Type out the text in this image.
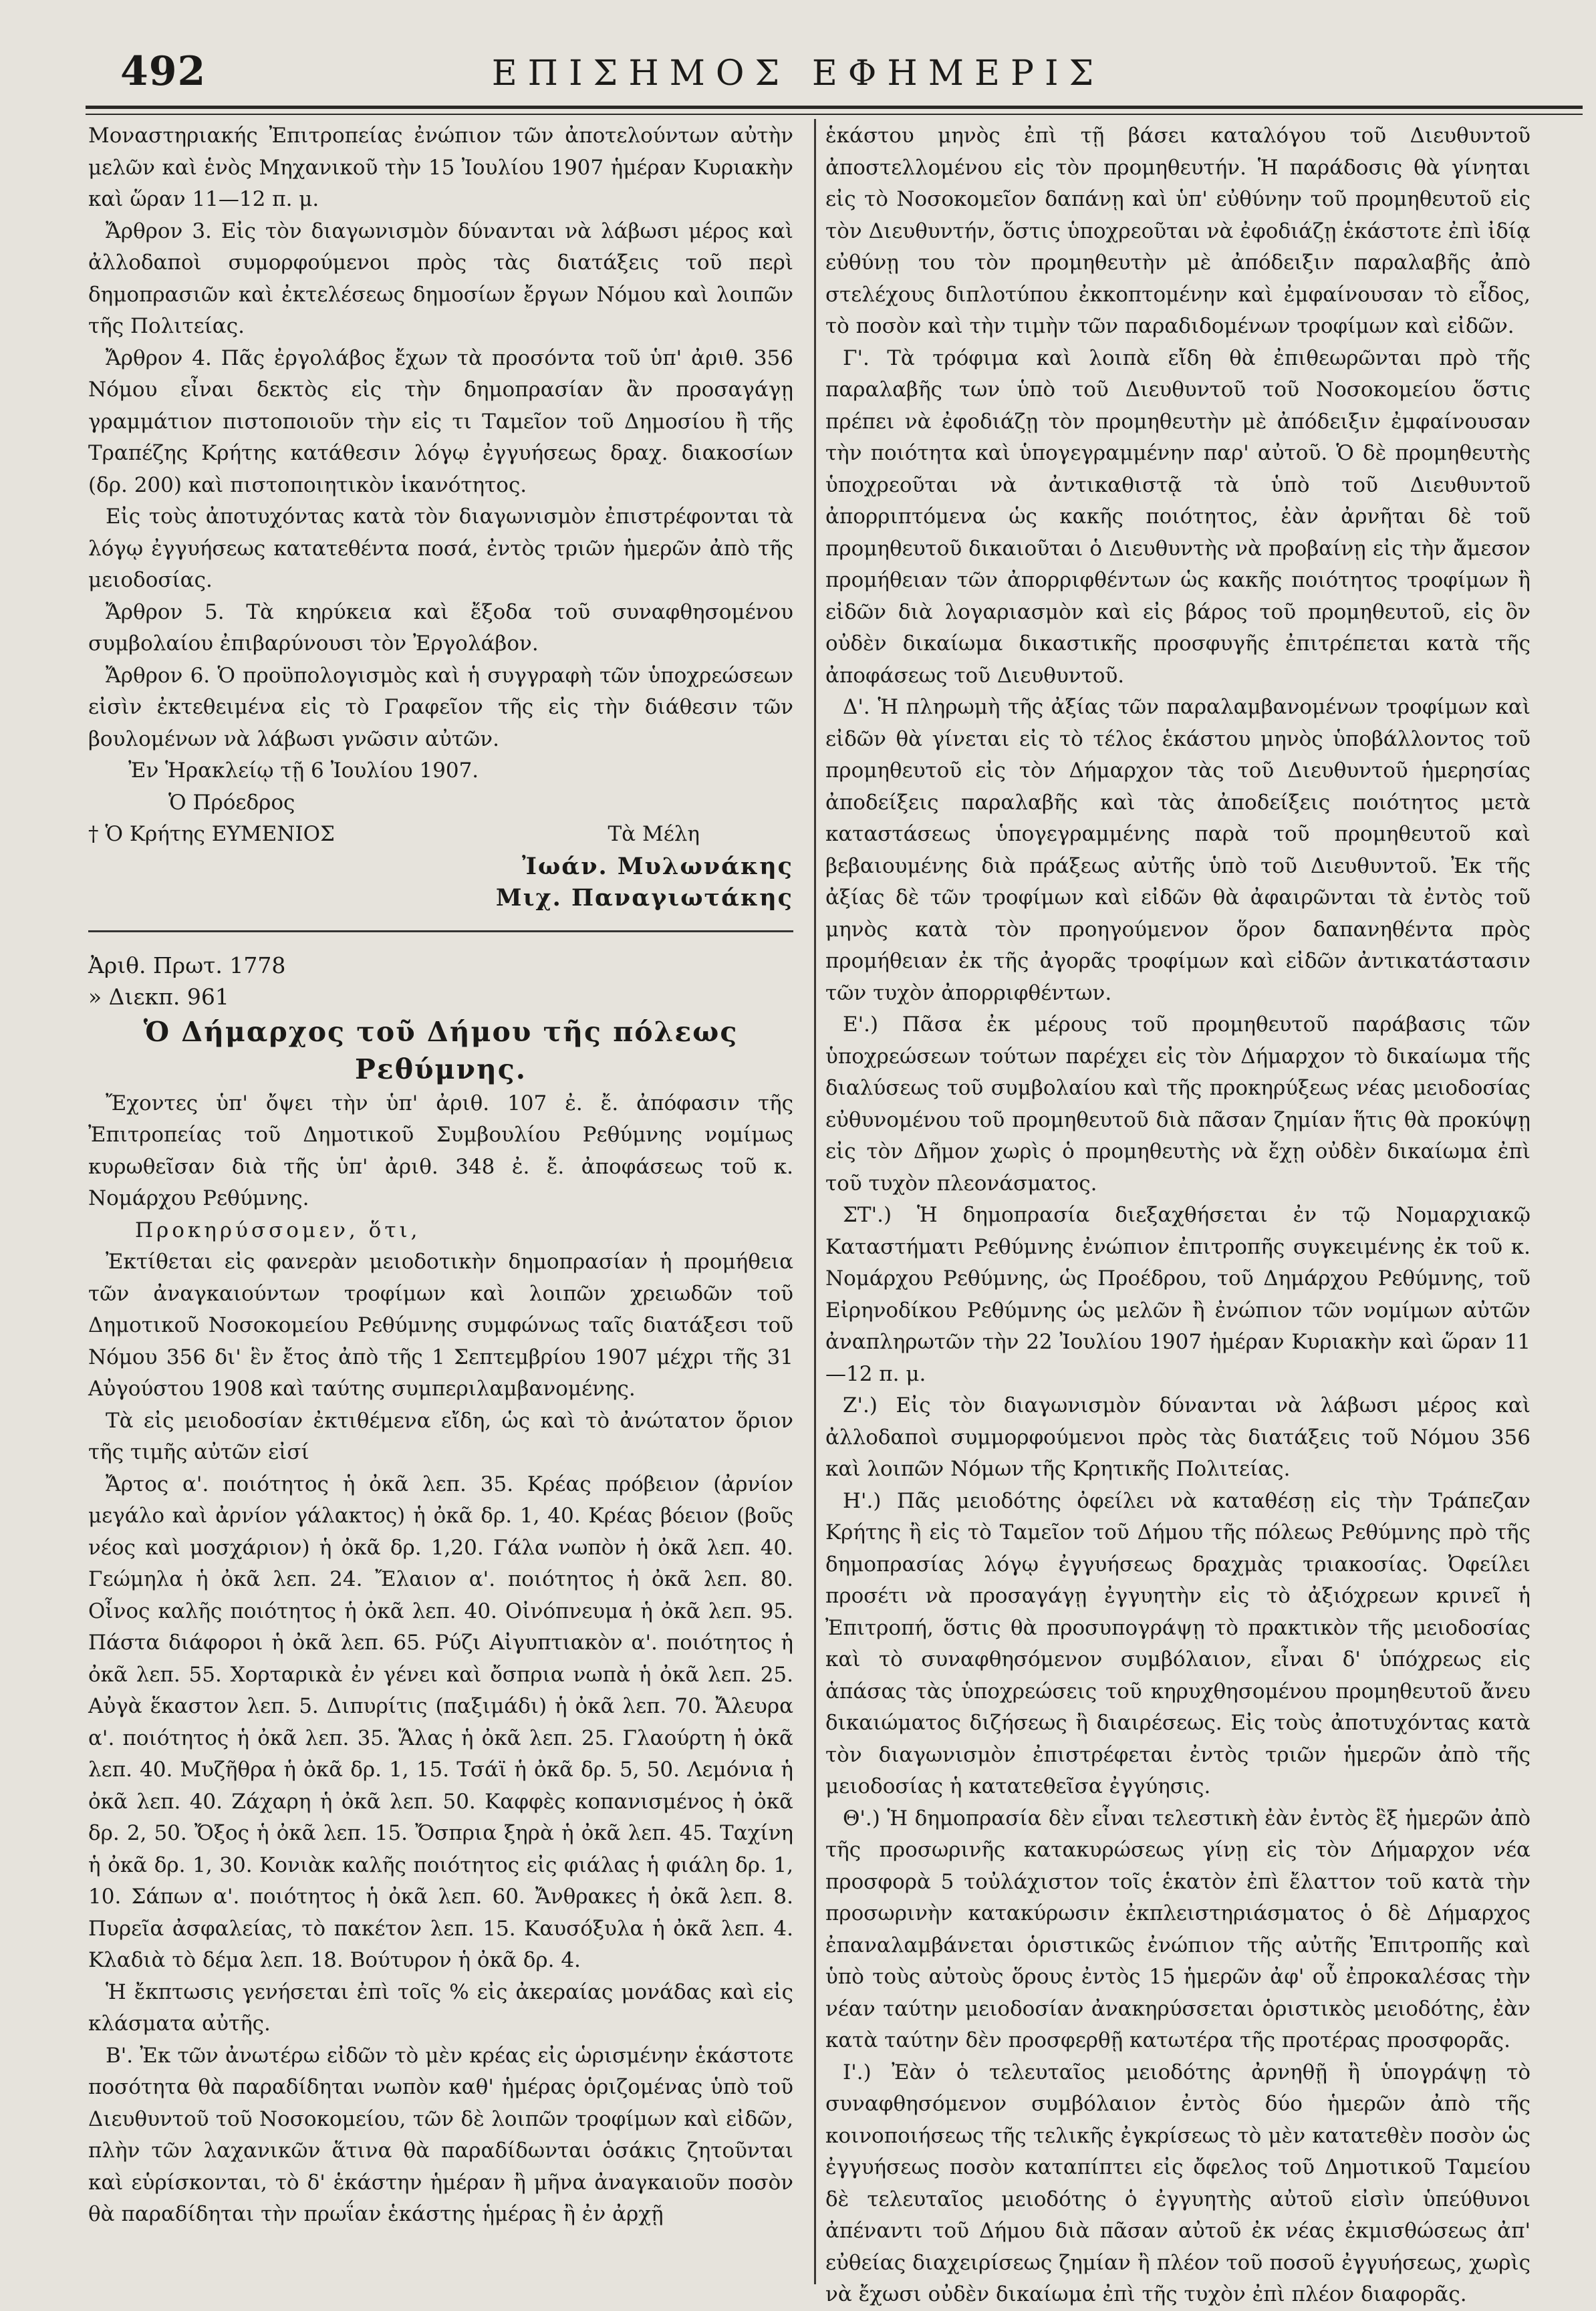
492	ΕΠΙΣΗΜΟΣ ΕΦΗΜΕΡΙΣ

Μοναστηριακής Ἐπιτροπείας ἐνώπιον τῶν ἀποτελούντων αὐτὴν μελῶν καὶ ἑνὸς Μηχανικοῦ τὴν 15 Ἰουλίου 1907 ἡμέραν Κυριακὴν καὶ ὥραν 11—12 π. μ.

Ἄρθρον 3. Εἰς τὸν διαγωνισμὸν δύνανται νὰ λάβωσι μέρος καὶ ἀλλοδαποὶ συμορφούμενοι πρὸς τὰς διατάξεις τοῦ περὶ δημοπρασιῶν καὶ ἐκτελέσεως δημοσίων ἔργων Νόμου καὶ λοιπῶν τῆς Πολιτείας.

Ἄρθρον 4. Πᾶς ἐργολάβος ἔχων τὰ προσόντα τοῦ ὑπ' ἀριθ. 356 Νόμου εἶναι δεκτὸς εἰς τὴν δημοπρασίαν ἂν προσαγάγῃ γραμμάτιον πιστοποιοῦν τὴν εἰς τι Ταμεῖον τοῦ Δημοσίου ἢ τῆς Τραπέζης Κρήτης κατάθεσιν λόγῳ ἐγγυήσεως δραχ. διακοσίων (δρ. 200) καὶ πιστοποιητικὸν ἱκανότητος.

Εἰς τοὺς ἀποτυχόντας κατὰ τὸν διαγωνισμὸν ἐπιστρέφονται τὰ λόγῳ ἐγγυήσεως κατατεθέντα ποσά, ἐντὸς τριῶν ἡμερῶν ἀπὸ τῆς μειοδοσίας.

Ἄρθρον 5. Τὰ κηρύκεια καὶ ἔξοδα τοῦ συναφθησομένου συμβολαίου ἐπιβαρύνουσι τὸν Ἐργολάβον.

Ἄρθρον 6. Ὁ προϋπολογισμὸς καὶ ἡ συγγραφὴ τῶν ὑποχρεώσεων εἰσὶν ἐκτεθειμένα εἰς τὸ Γραφεῖον τῆς εἰς τὴν διάθεσιν τῶν βουλομένων νὰ λάβωσι γνῶσιν αὐτῶν.

Ἐν Ἡρακλείῳ τῇ 6 Ἰουλίου 1907.

Ὁ Πρόεδρος

† Ὁ Κρήτης ΕΥΜΕΝΙΟΣ	Τὰ Μέλη

Ἰωάν. Μυλωνάκης

Μιχ. Παναγιωτάκης

Ἀριθ. Πρωτ. 1778

» Διεκπ. 961

Ὁ Δήμαρχος τοῦ Δήμου τῆς πόλεως

Ρεθύμνης.

Ἔχοντες ὑπ' ὄψει τὴν ὑπ' ἀριθ. 107 ἐ. ἔ. ἀπόφασιν τῆς Ἐπιτροπείας τοῦ Δημοτικοῦ Συμβουλίου Ρεθύμνης νομίμως κυρωθεῖσαν διὰ τῆς ὑπ' ἀριθ. 348 ἐ. ἔ. ἀποφάσεως τοῦ κ. Νομάρχου Ρεθύμνης.

Προκηρύσσομεν, ὅτι,

Ἐκτίθεται εἰς φανερὰν μειοδοτικὴν δημοπρασίαν ἡ προμήθεια τῶν ἀναγκαιούντων τροφίμων καὶ λοιπῶν χρειωδῶν τοῦ Δημοτικοῦ Νοσοκομείου Ρεθύμνης συμφώνως ταῖς διατάξεσι τοῦ Νόμου 356 δι' ἓν ἔτος ἀπὸ τῆς 1 Σεπτεμβρίου 1907 μέχρι τῆς 31 Αὐγούστου 1908 καὶ ταύτης συμπεριλαμβανομένης.

Τὰ εἰς μειοδοσίαν ἐκτιθέμενα εἴδη, ὡς καὶ τὸ ἀνώτατον ὅριον τῆς τιμῆς αὐτῶν εἰσί

Ἄρτος α'. ποιότητος ἡ ὀκᾶ λεπ. 35. Κρέας πρόβειον (ἀρνίον μεγάλο καὶ ἀρνίον γάλακτος) ἡ ὀκᾶ δρ. 1, 40. Κρέας βόειον (βοῦς νέος καὶ μοσχάριον) ἡ ὀκᾶ δρ. 1,20. Γάλα νωπὸν ἡ ὀκᾶ λεπ. 40. Γεώμηλα ἡ ὀκᾶ λεπ. 24. Ἔλαιον α'. ποιότητος ἡ ὀκᾶ λεπ. 80. Οἶνος καλῆς ποιότητος ἡ ὀκᾶ λεπ. 40. Οἰνόπνευμα ἡ ὀκᾶ λεπ. 95. Πάστα διάφοροι ἡ ὀκᾶ λεπ. 65. Ρύζι Αἰγυπτιακὸν α'. ποιότητος ἡ ὀκᾶ λεπ. 55. Χορταρικὰ ἐν γένει καὶ ὄσπρια νωπὰ ἡ ὀκᾶ λεπ. 25. Αὐγὰ ἕκαστον λεπ. 5. Διπυρίτις (παξιμάδι) ἡ ὀκᾶ λεπ. 70. Ἄλευρα α'. ποιότητος ἡ ὀκᾶ λεπ. 35. Ἅλας ἡ ὀκᾶ λεπ. 25. Γλαούρτη ἡ ὀκᾶ λεπ. 40. Μυζῆθρα ἡ ὀκᾶ δρ. 1, 15. Τσάϊ ἡ ὀκᾶ δρ. 5, 50. Λεμόνια ἡ ὀκᾶ λεπ. 40. Ζάχαρη ἡ ὀκᾶ λεπ. 50. Καφφὲς κοπανισμένος ἡ ὀκᾶ δρ. 2, 50. Ὄξος ἡ ὀκᾶ λεπ. 15. Ὄσπρια ξηρὰ ἡ ὀκᾶ λεπ. 45. Ταχίνη ἡ ὀκᾶ δρ. 1, 30. Κονιὰκ καλῆς ποιότητος εἰς φιάλας ἡ φιάλη δρ. 1, 10. Σάπων α'. ποιότητος ἡ ὀκᾶ λεπ. 60. Ἄνθρακες ἡ ὀκᾶ λεπ. 8. Πυρεῖα ἀσφαλείας, τὸ πακέτον λεπ. 15. Καυσόξυλα ἡ ὀκᾶ λεπ. 4. Κλαδιὰ τὸ δέμα λεπ. 18. Βούτυρον ἡ ὀκᾶ δρ. 4.

Ἡ ἔκπτωσις γενήσεται ἐπὶ τοῖς % εἰς ἀκεραίας μονάδας καὶ εἰς κλάσματα αὐτῆς.

Β'. Ἐκ τῶν ἀνωτέρω εἰδῶν τὸ μὲν κρέας εἰς ὡρισμένην ἑκάστοτε ποσότητα θὰ παραδίδηται νωπὸν καθ' ἡμέρας ὁριζομένας ὑπὸ τοῦ Διευθυντοῦ τοῦ Νοσοκομείου, τῶν δὲ λοιπῶν τροφίμων καὶ εἰδῶν, πλὴν τῶν λαχανικῶν ἅτινα θὰ παραδίδωνται ὁσάκις ζητοῦνται καὶ εὑρίσκονται, τὸ δ' ἑκάστην ἡμέραν ἢ μῆνα ἀναγκαιοῦν ποσὸν θὰ παραδίδηται τὴν πρωΐαν ἑκάστης ἡμέρας ἢ ἐν ἀρχῇ

ἑκάστου μηνὸς ἐπὶ τῇ βάσει καταλόγου τοῦ Διευθυντοῦ ἀποστελλομένου εἰς τὸν προμηθευτήν. Ἡ παράδοσις θὰ γίνηται εἰς τὸ Νοσοκομεῖον δαπάνῃ καὶ ὑπ' εὐθύνην τοῦ προμηθευτοῦ εἰς τὸν Διευθυντήν, ὅστις ὑποχρεοῦται νὰ ἐφοδιάζῃ ἑκάστοτε ἐπὶ ἰδίᾳ εὐθύνῃ του τὸν προμηθευτὴν μὲ ἀπόδειξιν παραλαβῆς ἀπὸ στελέχους διπλοτύπου ἐκκοπτομένην καὶ ἐμφαίνουσαν τὸ εἶδος, τὸ ποσὸν καὶ τὴν τιμὴν τῶν παραδιδομένων τροφίμων καὶ εἰδῶν.

Γ'. Τὰ τρόφιμα καὶ λοιπὰ εἴδη θὰ ἐπιθεωρῶνται πρὸ τῆς παραλαβῆς των ὑπὸ τοῦ Διευθυντοῦ τοῦ Νοσοκομείου ὅστις πρέπει νὰ ἐφοδιάζῃ τὸν προμηθευτὴν μὲ ἀπόδειξιν ἐμφαίνουσαν τὴν ποιότητα καὶ ὑπογεγραμμένην παρ' αὐτοῦ. Ὁ δὲ προμηθευτὴς ὑποχρεοῦται νὰ ἀντικαθιστᾷ τὰ ὑπὸ τοῦ Διευθυντοῦ ἀπορριπτόμενα ὡς κακῆς ποιότητος, ἐὰν ἀρνῆται δὲ τοῦ προμηθευτοῦ δικαιοῦται ὁ Διευθυντὴς νὰ προβαίνῃ εἰς τὴν ἄμεσον προμήθειαν τῶν ἀπορριφθέντων ὡς κακῆς ποιότητος τροφίμων ἢ εἰδῶν διὰ λογαριασμὸν καὶ εἰς βάρος τοῦ προμηθευτοῦ, εἰς ὃν οὐδὲν δικαίωμα δικαστικῆς προσφυγῆς ἐπιτρέπεται κατὰ τῆς ἀποφάσεως τοῦ Διευθυντοῦ.

Δ'. Ἡ πληρωμὴ τῆς ἀξίας τῶν παραλαμβανομένων τροφίμων καὶ εἰδῶν θὰ γίνεται εἰς τὸ τέλος ἑκάστου μηνὸς ὑποβάλλοντος τοῦ προμηθευτοῦ εἰς τὸν Δήμαρχον τὰς τοῦ Διευθυντοῦ ἡμερησίας ἀποδείξεις παραλαβῆς καὶ τὰς ἀποδείξεις ποιότητος μετὰ καταστάσεως ὑπογεγραμμένης παρὰ τοῦ προμηθευτοῦ καὶ βεβαιουμένης διὰ πράξεως αὐτῆς ὑπὸ τοῦ Διευθυντοῦ. Ἐκ τῆς ἀξίας δὲ τῶν τροφίμων καὶ εἰδῶν θὰ ἀφαιρῶνται τὰ ἐντὸς τοῦ μηνὸς κατὰ τὸν προηγούμενον ὅρον δαπανηθέντα πρὸς προμήθειαν ἐκ τῆς ἀγορᾶς τροφίμων καὶ εἰδῶν ἀντικατάστασιν τῶν τυχὸν ἀπορριφθέντων.

Ε'.) Πᾶσα ἐκ μέρους τοῦ προμηθευτοῦ παράβασις τῶν ὑποχρεώσεων τούτων παρέχει εἰς τὸν Δήμαρχον τὸ δικαίωμα τῆς διαλύσεως τοῦ συμβολαίου καὶ τῆς προκηρύξεως νέας μειοδοσίας εὐθυνομένου τοῦ προμηθευτοῦ διὰ πᾶσαν ζημίαν ἥτις θὰ προκύψῃ εἰς τὸν Δῆμον χωρὶς ὁ προμηθευτὴς νὰ ἔχῃ οὐδὲν δικαίωμα ἐπὶ τοῦ τυχὸν πλεονάσματος.

ΣΤ'.) Ἡ δημοπρασία διεξαχθήσεται ἐν τῷ Νομαρχιακῷ Καταστήματι Ρεθύμνης ἐνώπιον ἐπιτροπῆς συγκειμένης ἐκ τοῦ κ. Νομάρχου Ρεθύμνης, ὡς Προέδρου, τοῦ Δημάρχου Ρεθύμνης, τοῦ Εἰρηνοδίκου Ρεθύμνης ὡς μελῶν ἢ ἐνώπιον τῶν νομίμων αὐτῶν ἀναπληρωτῶν τὴν 22 Ἰουλίου 1907 ἡμέραν Κυριακὴν καὶ ὥραν 11—12 π. μ.

Ζ'.) Εἰς τὸν διαγωνισμὸν δύνανται νὰ λάβωσι μέρος καὶ ἀλλοδαποὶ συμμορφούμενοι πρὸς τὰς διατάξεις τοῦ Νόμου 356 καὶ λοιπῶν Νόμων τῆς Κρητικῆς Πολιτείας.

Η'.) Πᾶς μειοδότης ὀφείλει νὰ καταθέσῃ εἰς τὴν Τράπεζαν Κρήτης ἢ εἰς τὸ Ταμεῖον τοῦ Δήμου τῆς πόλεως Ρεθύμνης πρὸ τῆς δημοπρασίας λόγῳ ἐγγυήσεως δραχμὰς τριακοσίας. Ὀφείλει προσέτι νὰ προσαγάγῃ ἐγγυητὴν εἰς τὸ ἀξιόχρεων κρινεῖ ἡ Ἐπιτροπή, ὅστις θὰ προσυπογράψῃ τὸ πρακτικὸν τῆς μειοδοσίας καὶ τὸ συναφθησόμενον συμβόλαιον, εἶναι δ' ὑπόχρεως εἰς ἁπάσας τὰς ὑποχρεώσεις τοῦ κηρυχθησομένου προμηθευτοῦ ἄνευ δικαιώματος διζήσεως ἢ διαιρέσεως. Εἰς τοὺς ἀποτυχόντας κατὰ τὸν διαγωνισμὸν ἐπιστρέφεται ἐντὸς τριῶν ἡμερῶν ἀπὸ τῆς μειοδοσίας ἡ κατατεθεῖσα ἐγγύησις.

Θ'.) Ἡ δημοπρασία δὲν εἶναι τελεστικὴ ἐὰν ἐντὸς ἓξ ἡμερῶν ἀπὸ τῆς προσωρινῆς κατακυρώσεως γίνῃ εἰς τὸν Δήμαρχον νέα προσφορὰ 5 τοὐλάχιστον τοῖς ἑκατὸν ἐπὶ ἔλαττον τοῦ κατὰ τὴν προσωρινὴν κατακύρωσιν ἐκπλειστηριάσματος ὁ δὲ Δήμαρχος ἐπαναλαμβάνεται ὁριστικῶς ἐνώπιον τῆς αὐτῆς Ἐπιτροπῆς καὶ ὑπὸ τοὺς αὐτοὺς ὅρους ἐντὸς 15 ἡμερῶν ἀφ' οὗ ἐπροκαλέσας τὴν νέαν ταύτην μειοδοσίαν ἀνακηρύσσεται ὁριστικὸς μειοδότης, ἐὰν κατὰ ταύτην δὲν προσφερθῇ κατωτέρα τῆς προτέρας προσφορᾶς.

Ι'.) Ἐὰν ὁ τελευταῖος μειοδότης ἀρνηθῇ ἢ ὑπογράψῃ τὸ συναφθησόμενον συμβόλαιον ἐντὸς δύο ἡμερῶν ἀπὸ τῆς κοινοποιήσεως τῆς τελικῆς ἐγκρίσεως τὸ μὲν κατατεθὲν ποσὸν ὡς ἐγγυήσεως ποσὸν καταπίπτει εἰς ὄφελος τοῦ Δημοτικοῦ Ταμείου δὲ τελευταῖος μειοδότης ὁ ἐγγυητὴς αὐτοῦ εἰσὶν ὑπεύθυνοι ἀπέναντι τοῦ Δήμου διὰ πᾶσαν αὐτοῦ ἐκ νέας ἐκμισθώσεως ἀπ' εὐθείας διαχειρίσεως ζημίαν ἢ πλέον τοῦ ποσοῦ ἐγγυήσεως, χωρὶς νὰ ἔχωσι οὐδὲν δικαίωμα ἐπὶ τῆς τυχὸν ἐπὶ πλέον διαφορᾶς.
